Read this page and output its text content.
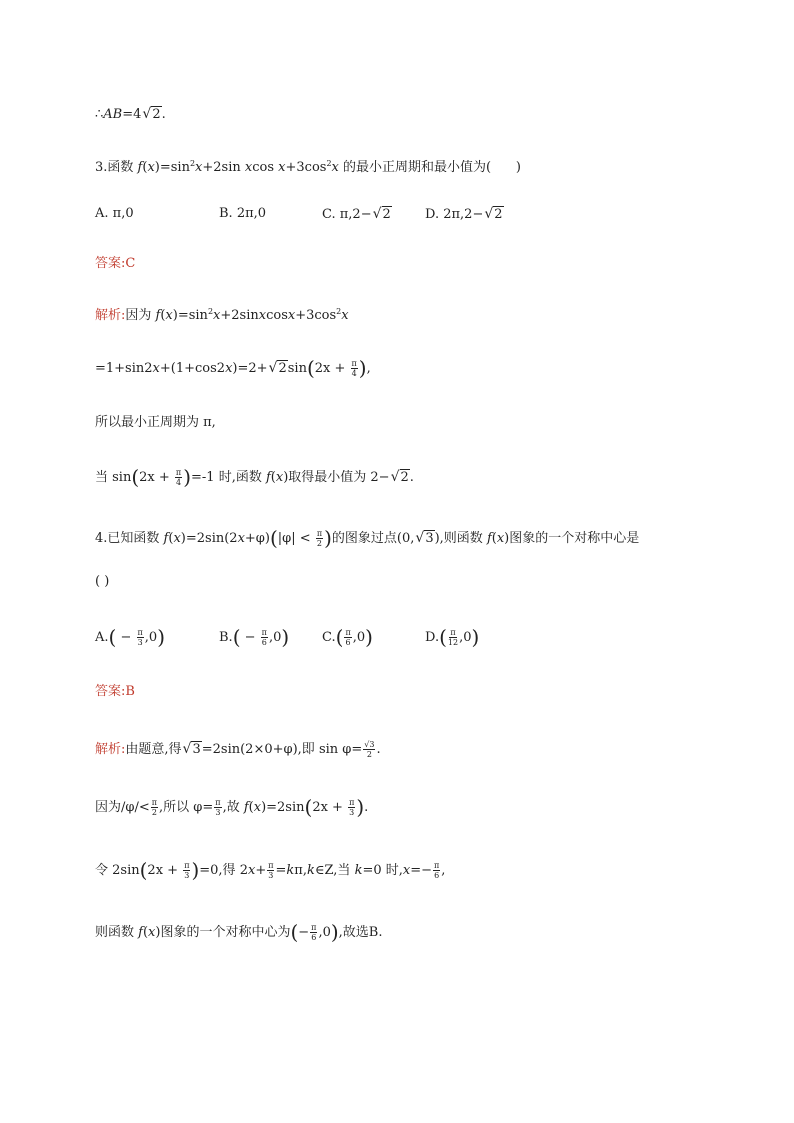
∴AB=4√2.
3.函数 $f(x)=\sin^2x+2\sin$ xcos $x+3\cos^2x$ 的最小正周期和最小值为(      )
A. π,0	B. 2π,0	C. π,2−√2	D. 2π,2−√2
答案:C
解析:因为 $f(x)=\sin^2x+2sinxcosx+3\cos^2x$
$=1+\sin 2x+(1+\cos 2x)=2+√2\sin(2x + \frac{\pi}{4}$ ),
所以最小正周期为 π,
当 $\sin(2x + \frac{\pi}{4} )=-1$ 时,函数 f(x)取得最小值为 2−√2.
4.已知函数 $f(x)=2\sin(2x+\varphi)(|\varphi| < \frac{\pi}{2}$ )的图象过点(0,√3),则函数 f(x)图象的一个对称中心是
( )
$A.( - \frac{\pi}{3} ,0)$	$B.( - \frac{\pi}{6} ,0)$	$C.( \frac{\pi}{6} ,0)$	$D.( \frac{\pi}{12} ,0)$
答案:B
解析:由题意,得√3=2sin(2×0+φ),即 $\sin \varphi= \frac{√3}{2}$ .
因为$/\varphi/< \frac{\pi}{2}$ ,所以 $\varphi= \frac{\pi}{3}$ ,故 $f(x)=2\sin(2x + \frac{\pi}{3}$ ).
令 $2\sin(2x + \frac{\pi}{3} )=0$,得 $2x+ \frac{\pi}{3}$ =kπ,k∈Z,当 k=0 时$,x=- \frac{\pi}{6}$ ,
则函数 f(x)图象的一个对称中心为(− $\frac{\pi}{6} ,0$),故选B.
